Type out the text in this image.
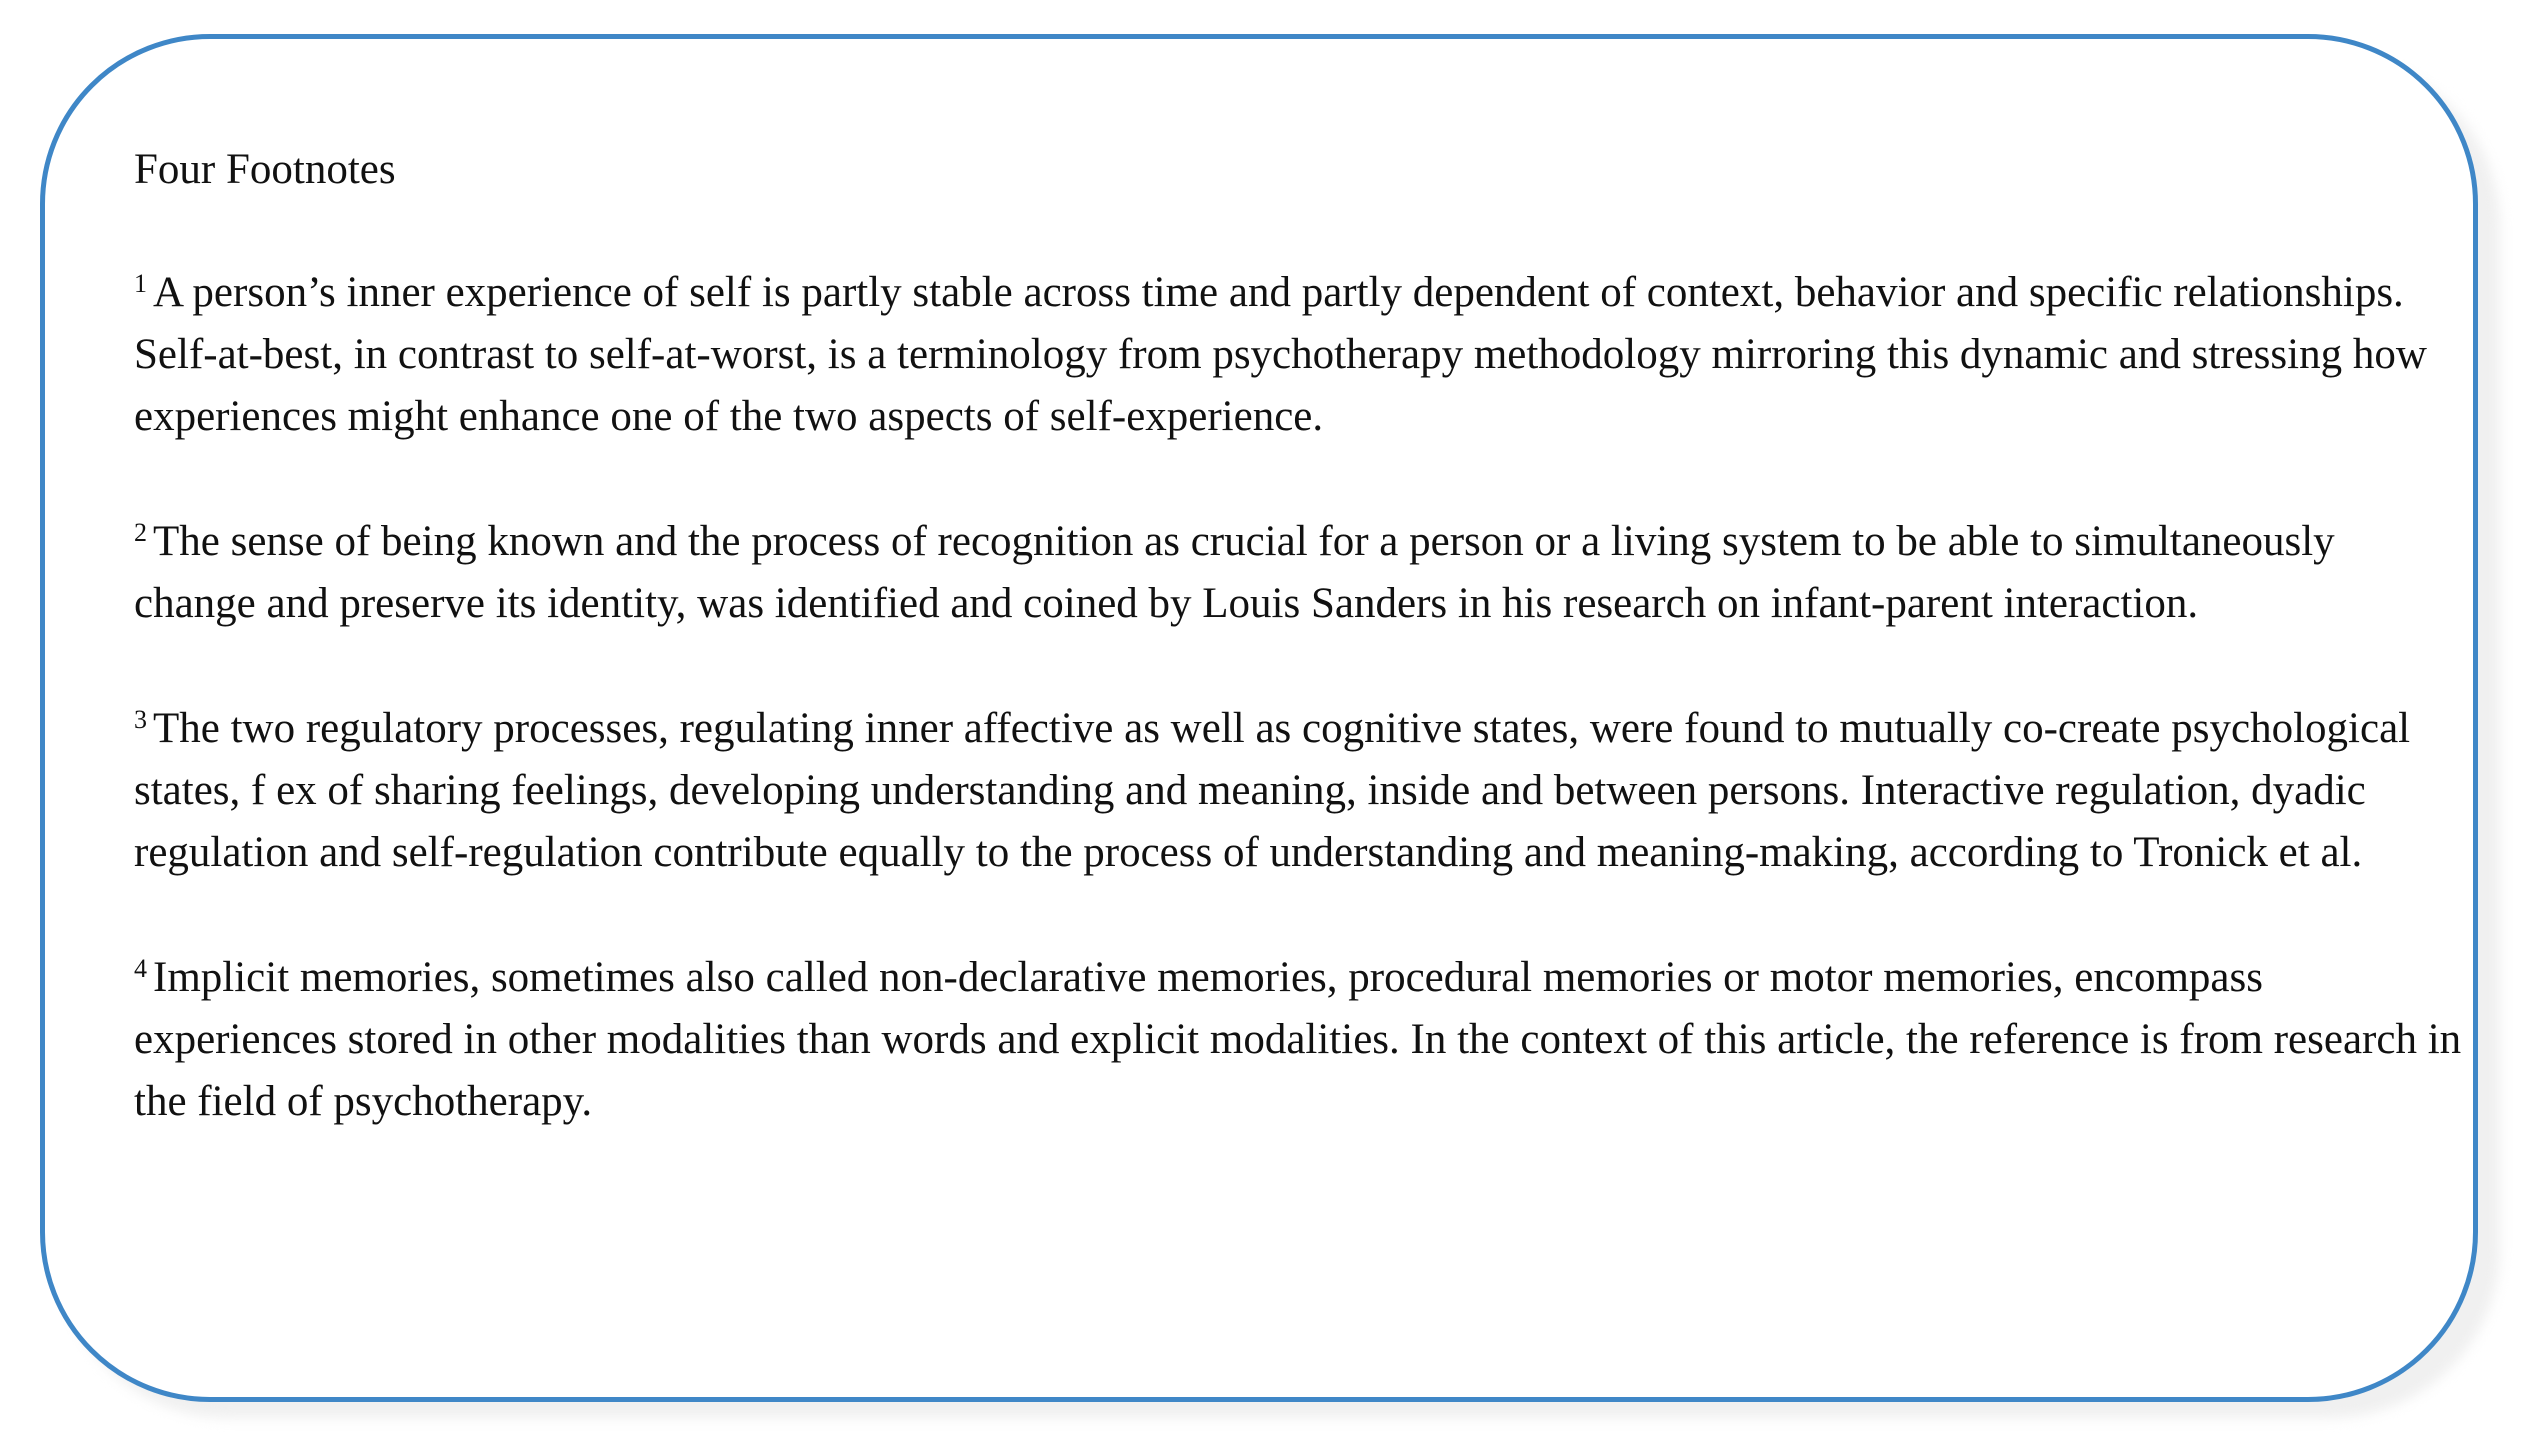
Four Footnotes

$^1$ A person’s inner experience of self is partly stable across time and partly dependent of context, behavior and specific relationships. Self-at-best, in contrast to self-at-worst, is a terminology from psychotherapy methodology mirroring this dynamic and stressing how experiences might enhance one of the two aspects of self-experience.

$^2$ The sense of being known and the process of recognition as crucial for a person or a living system to be able to simultaneously change and preserve its identity, was identified and coined by Louis Sanders in his research on infant-parent interaction.

$^3$ The two regulatory processes, regulating inner affective as well as cognitive states, were found to mutually co-create psychological states, f ex of sharing feelings, developing understanding and meaning, inside and between persons. Interactive regulation, dyadic regulation and self-regulation contribute equally to the process of understanding and meaning-making, according to Tronick et al.

$^4$ Implicit memories, sometimes also called non-declarative memories, procedural memories or motor memories, encompass experiences stored in other modalities than words and explicit modalities. In the context of this article, the reference is from research in the field of psychotherapy.
